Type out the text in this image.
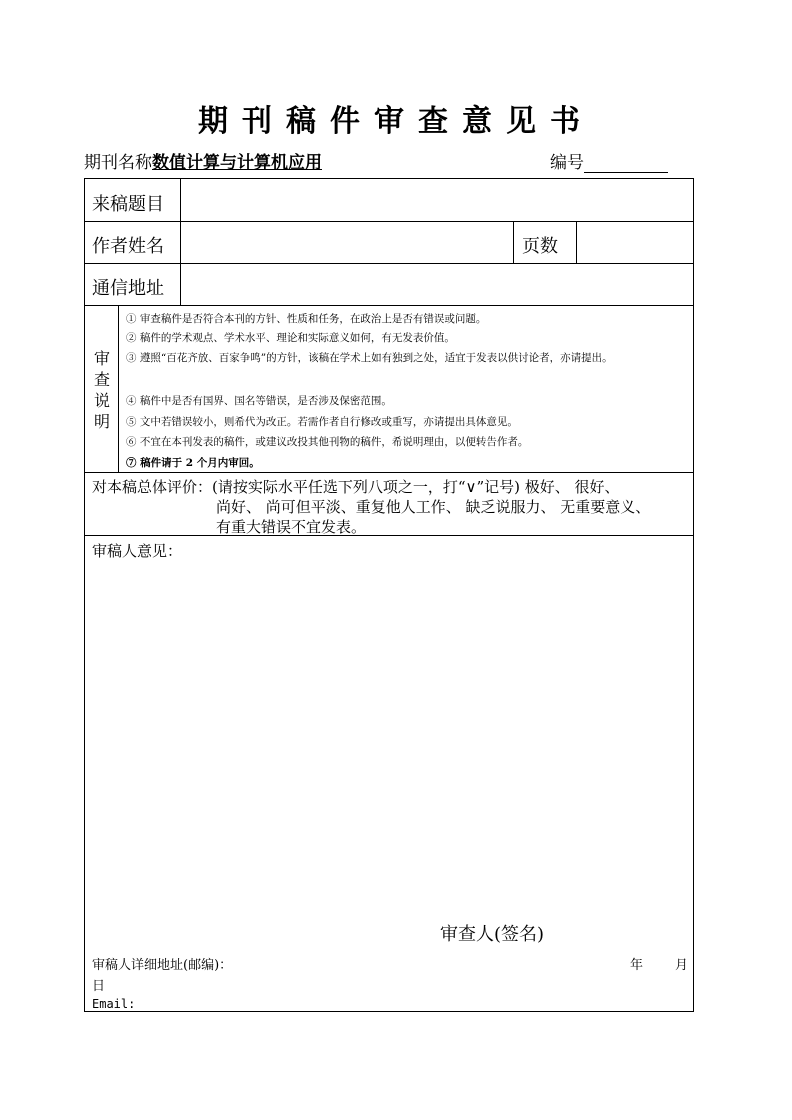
期刊稿件审查意见书
期刊名称数值计算与计算机应用	编号
来稿题目
作者姓名	页数
通信地址
审
查
说
明
① 审查稿件是否符合本刊的方针、性质和任务，在政治上是否有错误或问题。
② 稿件的学术观点、学术水平、理论和实际意义如何，有无发表价值。
③ 遵照“百花齐放、百家争鸣”的方针，该稿在学术上如有独到之处，适宜于发表以供讨论者，亦请提出。
④ 稿件中是否有国界、国名等错误，是否涉及保密范围。
⑤ 文中若错误较小，则希代为改正。若需作者自行修改或重写，亦请提出具体意见。
⑥ 不宜在本刊发表的稿件，或建议改投其他刊物的稿件，希说明理由，以便转告作者。
⑦ 稿件请于 2 个月内审回。
对本稿总体评价：(请按实际水平任选下列八项之一，打“∨”记号) 极好、 很好、
尚好、 尚可但平淡、重复他人工作、 缺乏说服力、 无重要意义、
有重大错误不宜发表。
审稿人意见：
审查人(签名)
审稿人详细地址(邮编)：	年 月
日
Email:
